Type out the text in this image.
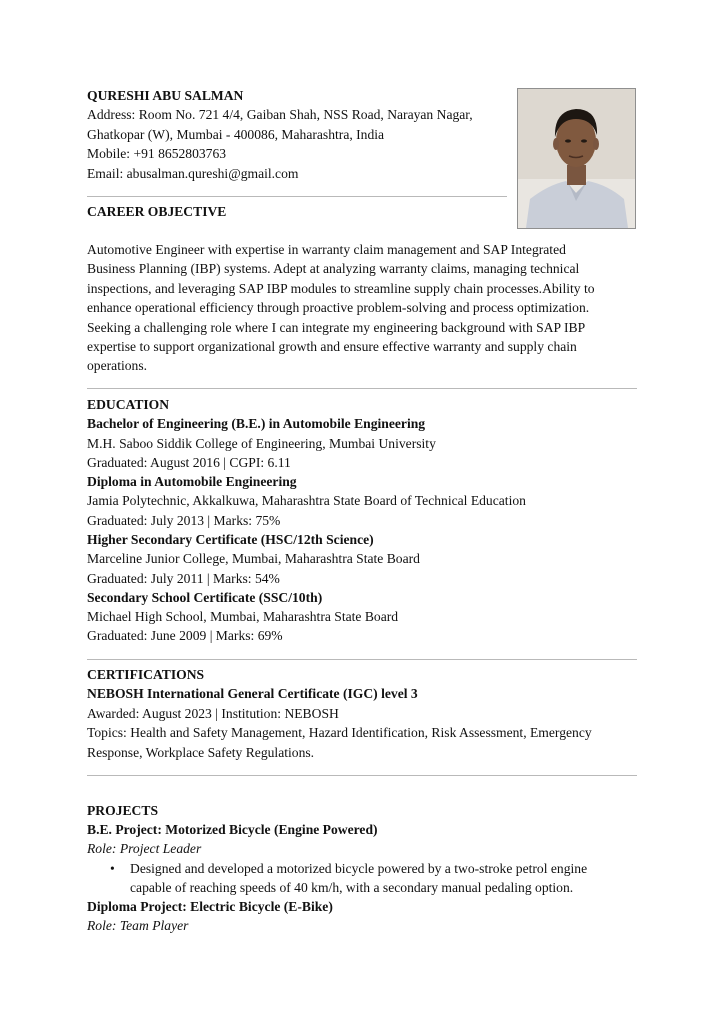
QURESHI ABU SALMAN
Address: Room No. 721 4/4, Gaiban Shah, NSS Road, Narayan Nagar,
Ghatkopar (W), Mumbai - 400086, Maharashtra, India
Mobile: +91 8652803763
Email: abusalman.qureshi@gmail.com
CAREER OBJECTIVE
Automotive Engineer with expertise in warranty claim management and SAP Integrated
Business Planning (IBP) systems. Adept at analyzing warranty claims, managing technical
inspections, and leveraging SAP IBP modules to streamline supply chain processes.Ability to
enhance operational efficiency through proactive problem-solving and process optimization.
Seeking a challenging role where I can integrate my engineering background with SAP IBP
expertise to support organizational growth and ensure effective warranty and supply chain
operations.
EDUCATION
Bachelor of Engineering (B.E.) in Automobile Engineering
M.H. Saboo Siddik College of Engineering, Mumbai University
Graduated: August 2016 | CGPI: 6.11
Diploma in Automobile Engineering
Jamia Polytechnic, Akkalkuwa, Maharashtra State Board of Technical Education
Graduated: July 2013 | Marks: 75%
Higher Secondary Certificate (HSC/12th Science)
Marceline Junior College, Mumbai, Maharashtra State Board
Graduated: July 2011 | Marks: 54%
Secondary School Certificate (SSC/10th)
Michael High School, Mumbai, Maharashtra State Board
Graduated: June 2009 | Marks: 69%
CERTIFICATIONS
NEBOSH International General Certificate (IGC) level 3
Awarded: August 2023 | Institution: NEBOSH
Topics: Health and Safety Management, Hazard Identification, Risk Assessment, Emergency
Response, Workplace Safety Regulations.
PROJECTS
B.E. Project: Motorized Bicycle (Engine Powered)
Role: Project Leader
• Designed and developed a motorized bicycle powered by a two-stroke petrol engine
capable of reaching speeds of 40 km/h, with a secondary manual pedaling option.
Diploma Project: Electric Bicycle (E-Bike)
Role: Team Player
